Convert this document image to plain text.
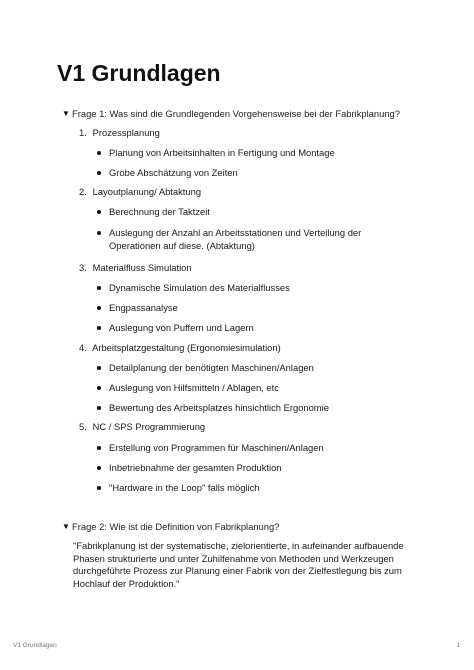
V1 Grundlagen
▼ Frage 1: Was sind die Grundlegenden Vorgehensweise bei der Fabrikplanung?
1. Prozessplanung
Planung von Arbeitsinhalten in Fertigung und Montage
Grobe Abschätzung von Zeiten
2. Layoutplanung/ Abtaktung
Berechnung der Taktzeit
Auslegung der Anzahl an Arbeitsstationen und Verteilung der Operationen auf diese. (Abtaktung)
3. Materialfluss Simulation
Dynamische Simulation des Materialflusses
Engpassanalyse
Auslegung von Puffern und Lagern
4. Arbeitsplatzgestaltung (Ergonomiesimulation)
Detailplanung der benötigten Maschinen/Anlagen
Auslegung von Hilfsmitteln / Ablagen, etc
Bewertung des Arbeitsplatzes hinsichtlich Ergonomie
5. NC / SPS Programmierung
Erstellung von Programmen für Maschinen/Anlagen
Inbetriebnahme der gesamten Produktion
"Hardware in the Loop" falls möglich
▼ Frage 2: Wie ist die Definition von Fabrikplanung?

"Fabrikplanung ist der systematische, zielorientierte, in aufeinander aufbauende Phasen strukturierte und unter Zuhilfenahme von Methoden und Werkzeugen durchgeführte Prozess zur Planung einer Fabrik von der Zielfestlegung bis zum Hochlauf der Produktion."

V1 Grundlagen	1
